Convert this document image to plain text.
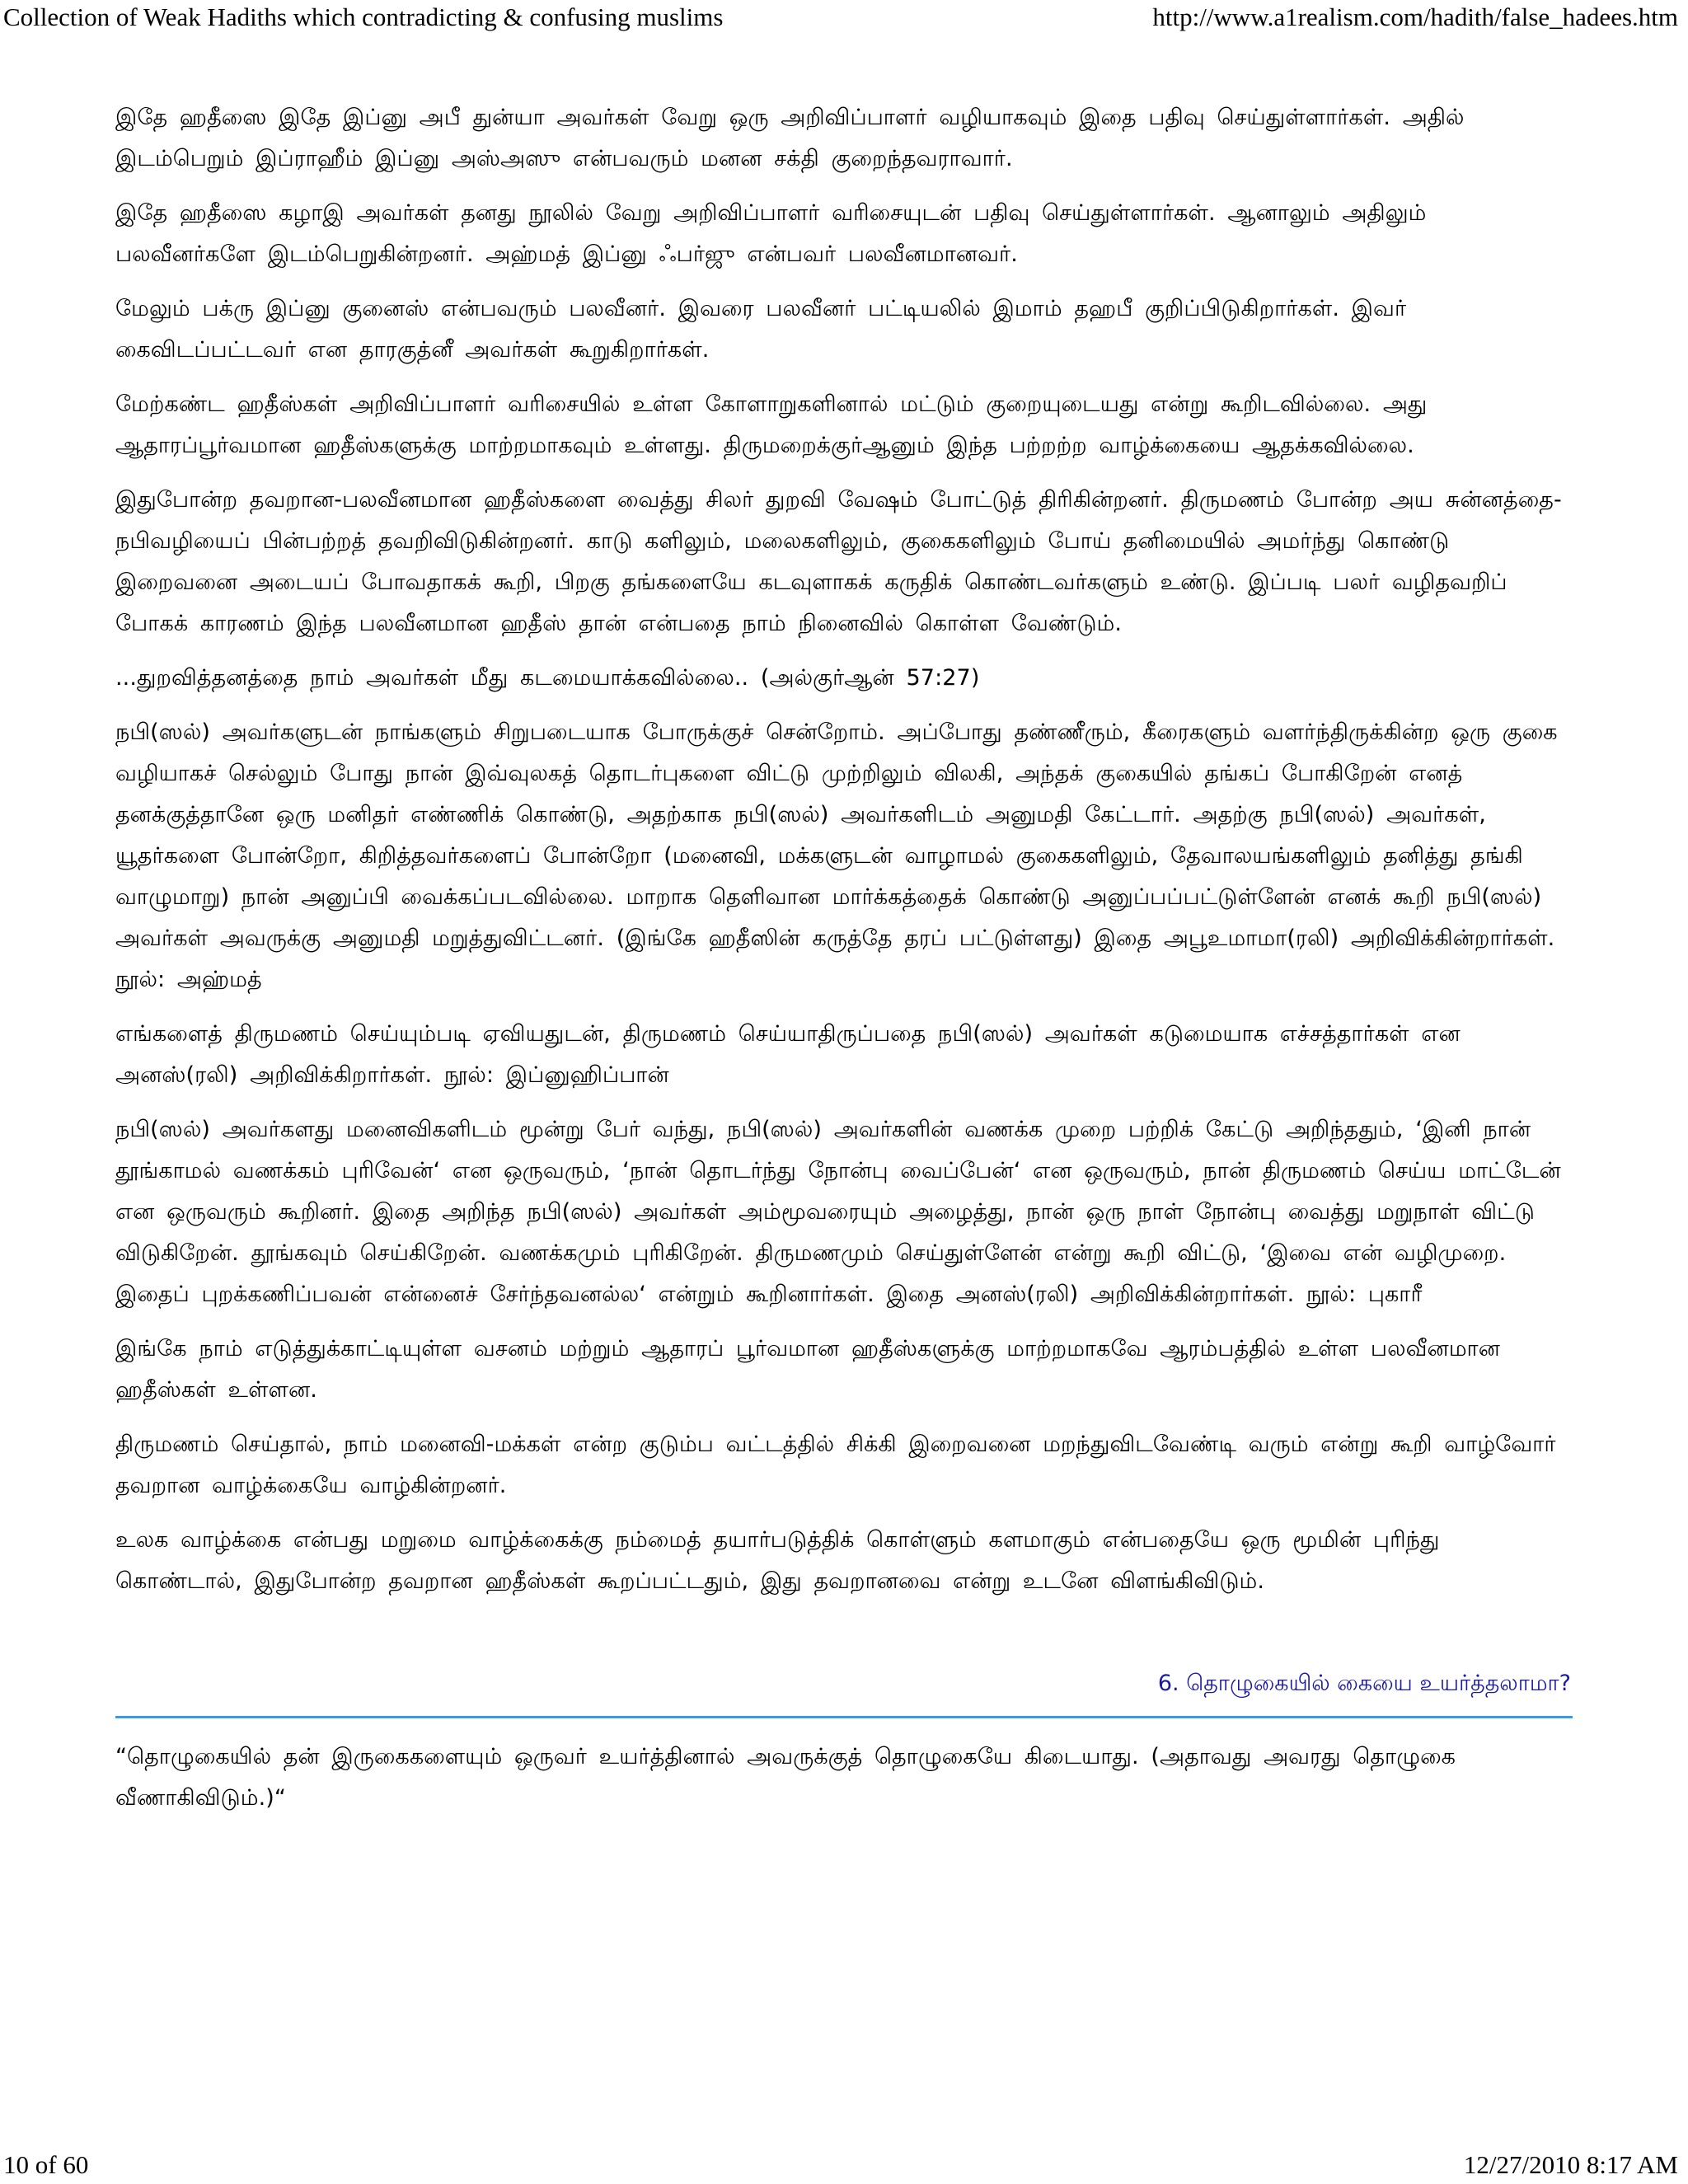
Collection of Weak Hadiths which contradicting & confusing muslims	http://www.a1realism.com/hadith/false_hadees.htm

இதே ஹதீஸை இதே இப்னு அபீ துன்யா அவர்கள் வேறு ஒரு அறிவிப்பாளர் வழியாகவும் இதை பதிவு செய்துள்ளார்கள். அதில் இடம்பெறும் இப்ராஹீம் இப்னு அஸ்அஸு என்பவரும் மனன சக்தி குறைந்தவராவார்.

இதே ஹதீஸை கழாஇ அவர்கள் தனது நூலில் வேறு அறிவிப்பாளர் வரிசையுடன் பதிவு செய்துள்ளார்கள். ஆனாலும் அதிலும் பலவீனர்களே இடம்பெறுகின்றனர். அஹ்மத் இப்னு ஃபர்ஜு என்பவர் பலவீனமானவர்.

மேலும் பக்ரு இப்னு குனைஸ் என்பவரும் பலவீனர். இவரை பலவீனர் பட்டியலில் இமாம் தஹபீ குறிப்பிடுகிறார்கள். இவர் கைவிடப்பட்டவர் என தாரகுத்னீ அவர்கள் கூறுகிறார்கள்.

மேற்கண்ட ஹதீஸ்கள் அறிவிப்பாளர் வரிசையில் உள்ள கோளாறுகளினால் மட்டும் குறையுடையது என்று கூறிடவில்லை. அது ஆதாரப்பூர்வமான ஹதீஸ்களுக்கு மாற்றமாகவும் உள்ளது. திருமறைக்குர்ஆனும் இந்த பற்றற்ற வாழ்க்கையை ஆதக்கவில்லை.

இதுபோன்ற தவறான-பலவீனமான ஹதீஸ்களை வைத்து சிலர் துறவி வேஷம் போட்டுத் திரிகின்றனர். திருமணம் போன்ற அய சுன்னத்தை-நபிவழியைப் பின்பற்றத் தவறிவிடுகின்றனர். காடு களிலும், மலைகளிலும், குகைகளிலும் போய் தனிமையில் அமர்ந்து கொண்டு இறைவனை அடையப் போவதாகக் கூறி, பிறகு தங்களையே கடவுளாகக் கருதிக் கொண்டவர்களும் உண்டு. இப்படி பலர் வழிதவறிப் போகக் காரணம் இந்த பலவீனமான ஹதீஸ் தான் என்பதை நாம் நினைவில் கொள்ள வேண்டும்.

...துறவித்தனத்தை நாம் அவர்கள் மீது கடமையாக்கவில்லை.. (அல்குர்ஆன் 57:27)

நபி(ஸல்) அவர்களுடன் நாங்களும் சிறுபடையாக போருக்குச் சென்றோம். அப்போது தண்ணீரும், கீரைகளும் வளர்ந்திருக்கின்ற ஒரு குகை வழியாகச் செல்லும் போது நான் இவ்வுலகத் தொடர்புகளை விட்டு முற்றிலும் விலகி, அந்தக் குகையில் தங்கப் போகிறேன் எனத் தனக்குத்தானே ஒரு மனிதர் எண்ணிக் கொண்டு, அதற்காக நபி(ஸல்) அவர்களிடம் அனுமதி கேட்டார். அதற்கு நபி(ஸல்) அவர்கள், யூதர்களை போன்றோ, கிறித்தவர்களைப் போன்றோ (மனைவி, மக்களுடன் வாழாமல் குகைகளிலும், தேவாலயங்களிலும் தனித்து தங்கி வாழுமாறு) நான் அனுப்பி வைக்கப்படவில்லை. மாறாக தெளிவான மார்க்கத்தைக் கொண்டு அனுப்பப்பட்டுள்ளேன் எனக் கூறி நபி(ஸல்) அவர்கள் அவருக்கு அனுமதி மறுத்துவிட்டனர். (இங்கே ஹதீஸின் கருத்தே தரப் பட்டுள்ளது) இதை அபூஉமாமா(ரலி) அறிவிக்கின்றார்கள். நூல்: அஹ்மத்

எங்களைத் திருமணம் செய்யும்படி ஏவியதுடன், திருமணம் செய்யாதிருப்பதை நபி(ஸல்) அவர்கள் கடுமையாக எச்சத்தார்கள் என அனஸ்(ரலி) அறிவிக்கிறார்கள். நூல்: இப்னுஹிப்பான்

நபி(ஸல்) அவர்களது மனைவிகளிடம் மூன்று பேர் வந்து, நபி(ஸல்) அவர்களின் வணக்க முறை பற்றிக் கேட்டு அறிந்ததும், ‘இனி நான் தூங்காமல் வணக்கம் புரிவேன்‘ என ஒருவரும், ‘நான் தொடர்ந்து நோன்பு வைப்பேன்‘ என ஒருவரும், நான் திருமணம் செய்ய மாட்டேன் என ஒருவரும் கூறினர். இதை அறிந்த நபி(ஸல்) அவர்கள் அம்மூவரையும் அழைத்து, நான் ஒரு நாள் நோன்பு வைத்து மறுநாள் விட்டு விடுகிறேன். தூங்கவும் செய்கிறேன். வணக்கமும் புரிகிறேன். திருமணமும் செய்துள்ளேன் என்று கூறி விட்டு, ‘இவை என் வழிமுறை. இதைப் புறக்கணிப்பவன் என்னைச் சேர்ந்தவனல்ல‘ என்றும் கூறினார்கள். இதை அனஸ்(ரலி) அறிவிக்கின்றார்கள். நூல்: புகாரீ

இங்கே நாம் எடுத்துக்காட்டியுள்ள வசனம் மற்றும் ஆதாரப் பூர்வமான ஹதீஸ்களுக்கு மாற்றமாகவே ஆரம்பத்தில் உள்ள பலவீனமான ஹதீஸ்கள் உள்ளன.

திருமணம் செய்தால், நாம் மனைவி-மக்கள் என்ற குடும்ப வட்டத்தில் சிக்கி இறைவனை மறந்துவிடவேண்டி வரும் என்று கூறி வாழ்வோர் தவறான வாழ்க்கையே வாழ்கின்றனர்.

உலக வாழ்க்கை என்பது மறுமை வாழ்க்கைக்கு நம்மைத் தயார்படுத்திக் கொள்ளும் களமாகும் என்பதையே ஒரு மூமின் புரிந்து கொண்டால், இதுபோன்ற தவறான ஹதீஸ்கள் கூறப்பட்டதும், இது தவறானவை என்று உடனே விளங்கிவிடும்.

6. தொழுகையில் கையை உயர்த்தலாமா?

“தொழுகையில் தன் இருகைகளையும் ஒருவர் உயர்த்தினால் அவருக்குத் தொழுகையே கிடையாது. (அதாவது அவரது தொழுகை வீணாகிவிடும்.)“

10 of 60	12/27/2010 8:17 AM
